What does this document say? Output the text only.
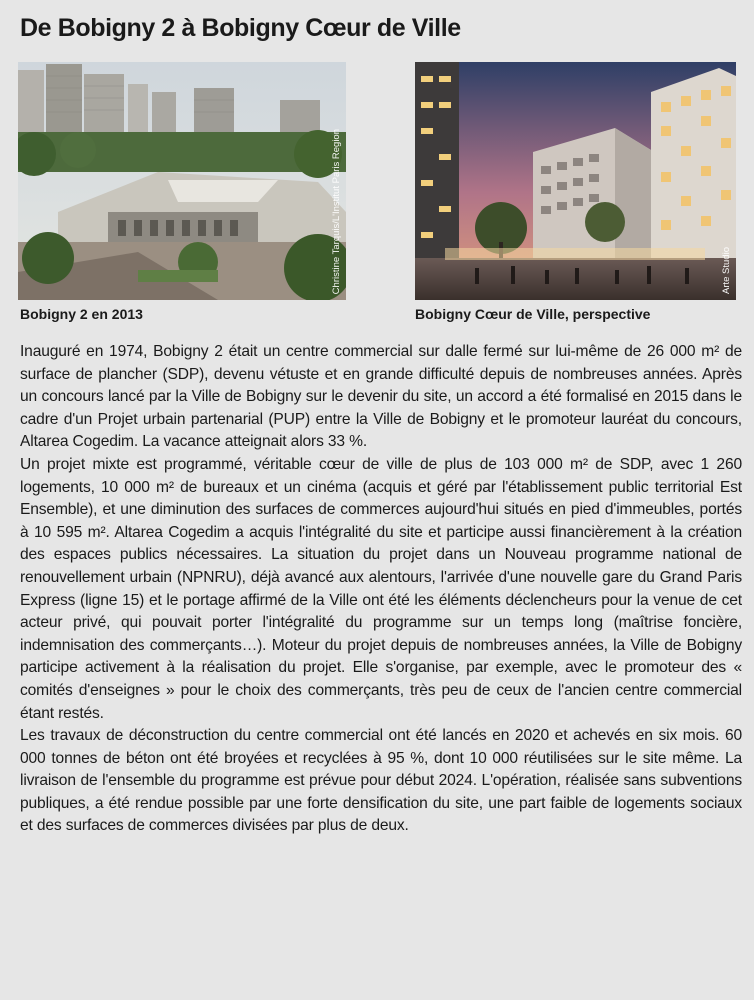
De Bobigny 2 à Bobigny Cœur de Ville
Christine Tarquis/L'Institut Paris Region	Arte Studio
Bobigny 2 en 2013	Bobigny Cœur de Ville, perspective

Inauguré en 1974, Bobigny 2 était un centre commercial sur dalle fermé sur lui-même de 26 000 m² de surface de plancher (SDP), devenu vétuste et en grande difficulté depuis de nombreuses années. Après un concours lancé par la Ville de Bobigny sur le devenir du site, un accord a été formalisé en 2015 dans le cadre d'un Projet urbain partenarial (PUP) entre la Ville de Bobigny et le promoteur lauréat du concours, Altarea Cogedim. La vacance atteignait alors 33 %.

Un projet mixte est programmé, véritable cœur de ville de plus de 103 000 m² de SDP, avec 1 260 logements, 10 000 m² de bureaux et un cinéma (acquis et géré par l'établissement public territorial Est Ensemble), et une diminution des surfaces de commerces aujourd'hui situés en pied d'immeubles, portés à 10 595 m². Altarea Cogedim a acquis l'intégralité du site et participe aussi financièrement à la création des espaces publics nécessaires. La situation du projet dans un Nouveau programme national de renouvellement urbain (NPNRU), déjà avancé aux alentours, l'arrivée d'une nouvelle gare du Grand Paris Express (ligne 15) et le portage affirmé de la Ville ont été les éléments déclencheurs pour la venue de cet acteur privé, qui pouvait porter l'intégralité du programme sur un temps long (maîtrise foncière, indemnisation des commerçants…). Moteur du projet depuis de nombreuses années, la Ville de Bobigny participe activement à la réalisation du projet. Elle s'organise, par exemple, avec le promoteur des « comités d'enseignes » pour le choix des commerçants, très peu de ceux de l'ancien centre commercial étant restés.

Les travaux de déconstruction du centre commercial ont été lancés en 2020 et achevés en six mois. 60 000 tonnes de béton ont été broyées et recyclées à 95 %, dont 10 000 réutilisées sur le site même. La livraison de l'ensemble du programme est prévue pour début 2024. L'opération, réalisée sans subventions publiques, a été rendue possible par une forte densification du site, une part faible de logements sociaux et des surfaces de commerces divisées par plus de deux.
